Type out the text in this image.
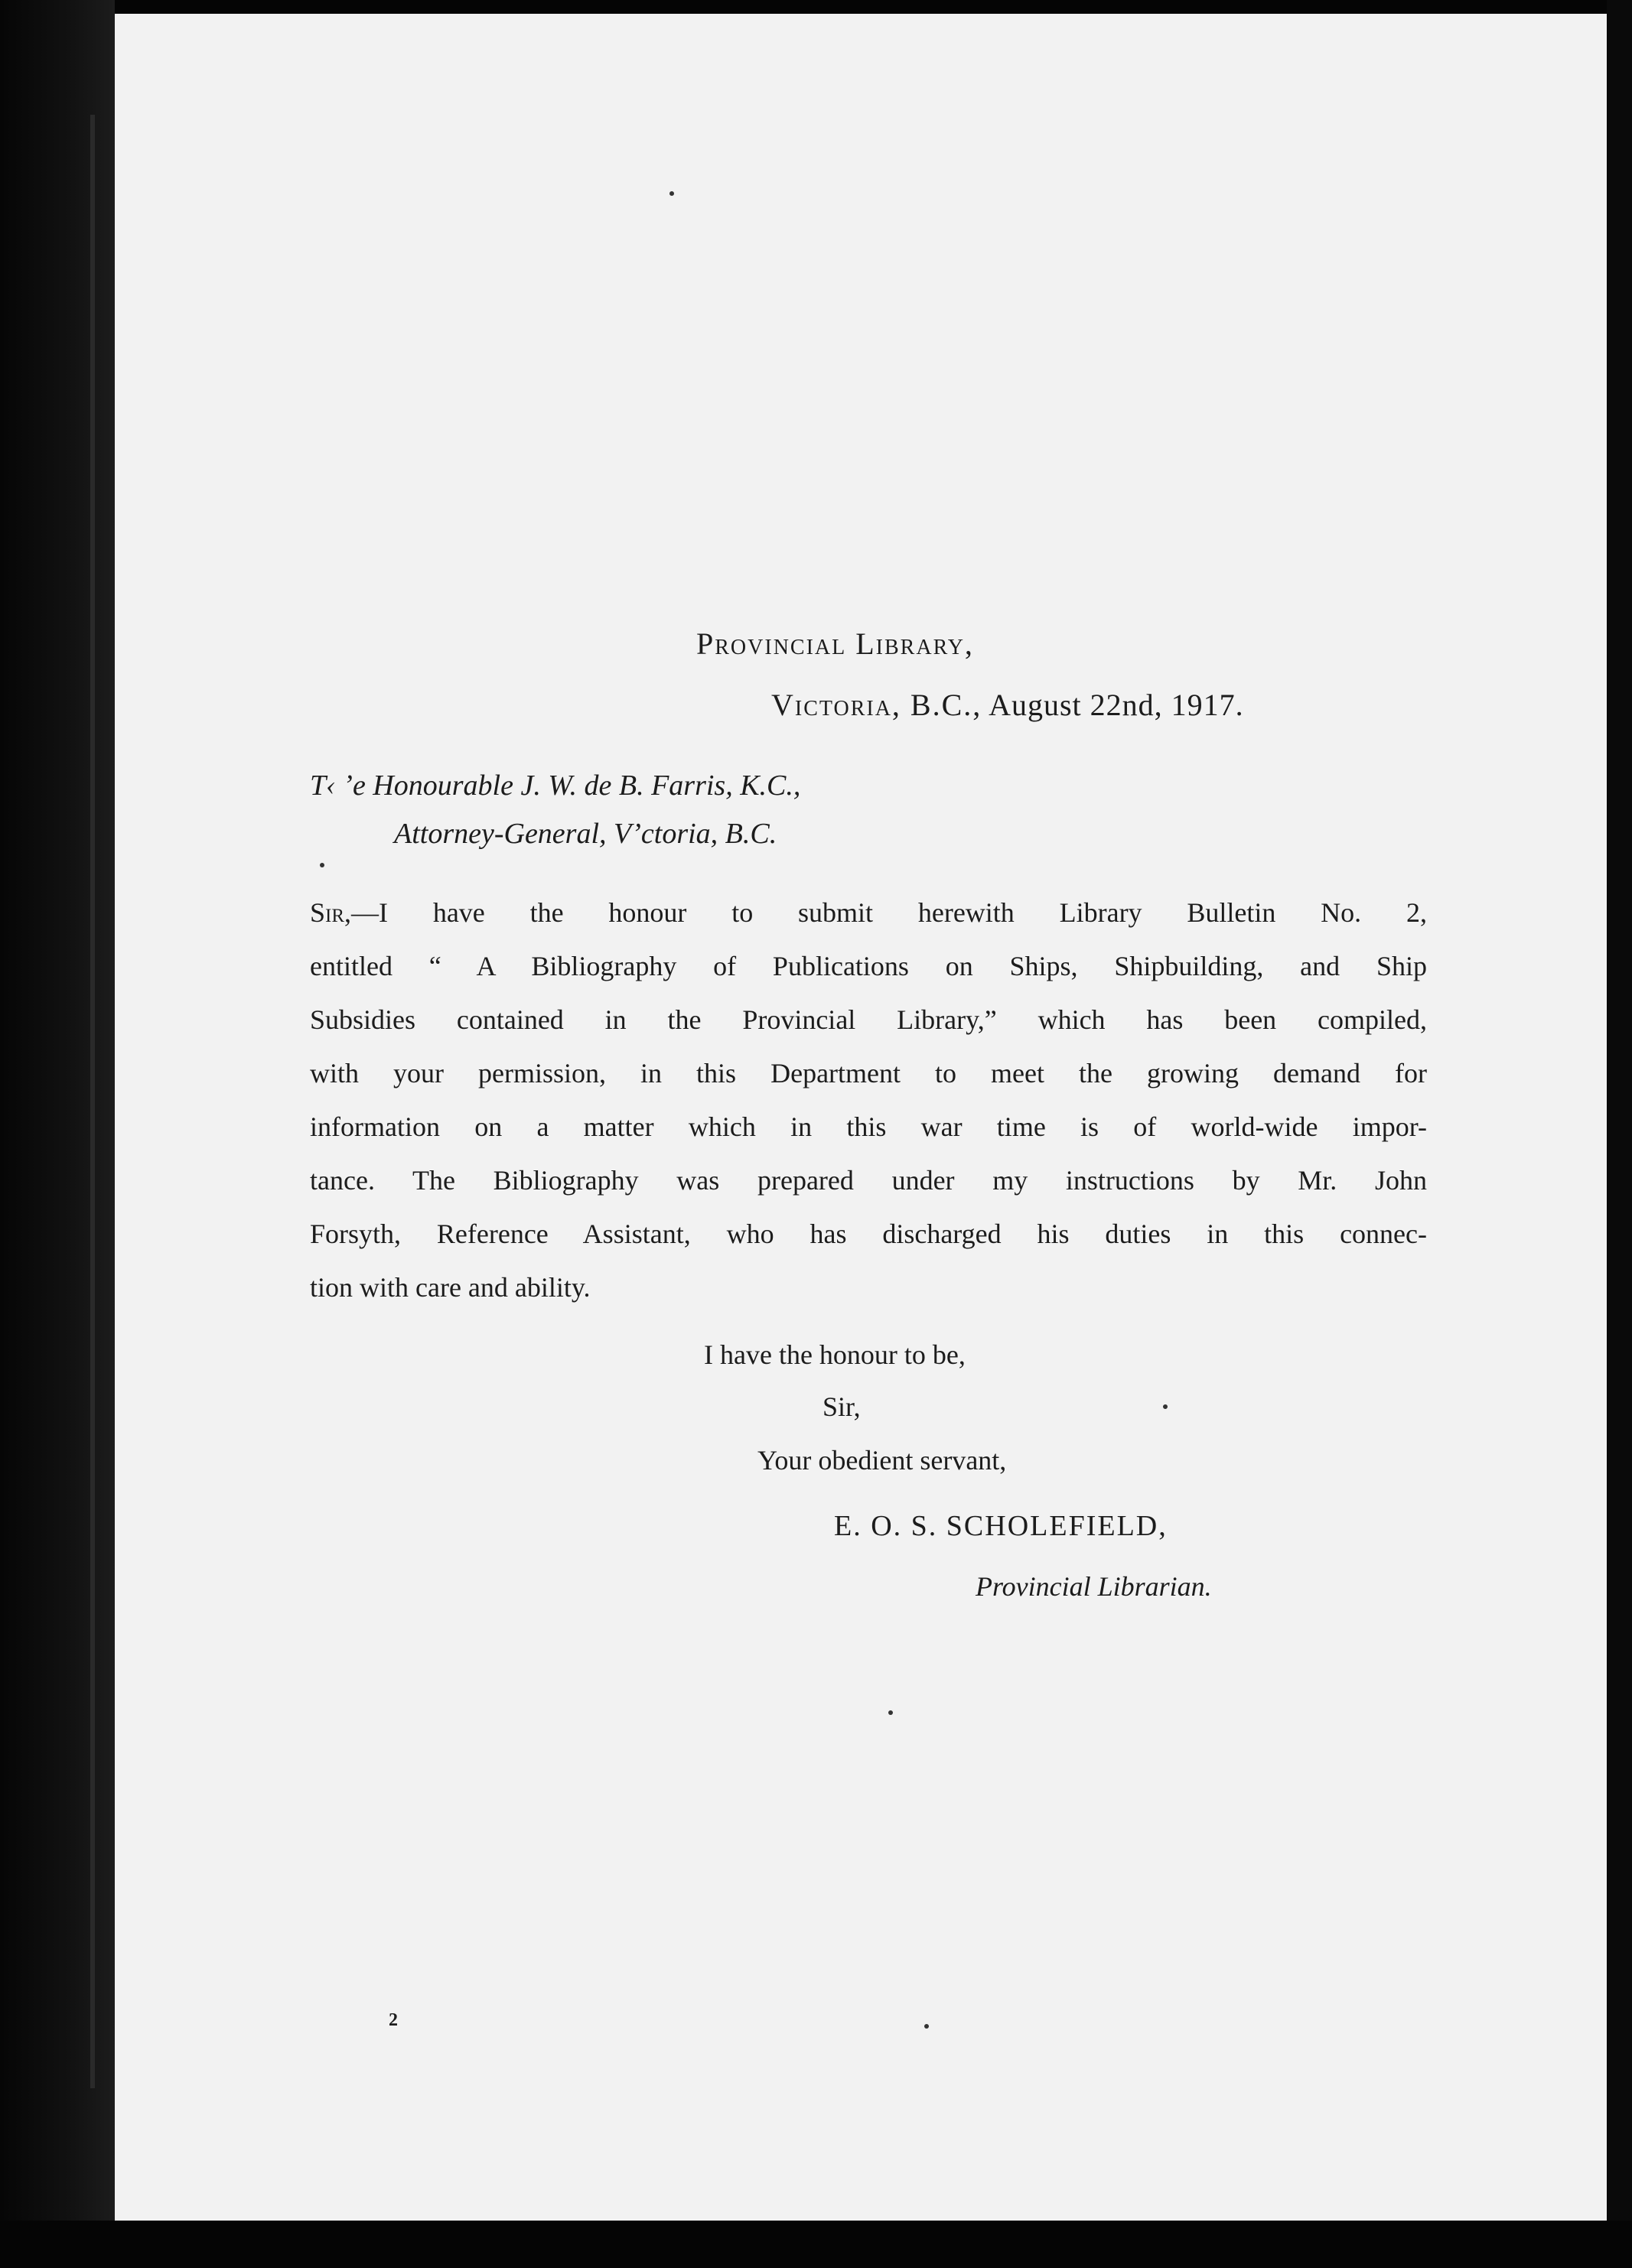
Provincial Library,
Victoria, B.C., August 22nd, 1917.
T‹ ʼe Honourable J. W. de B. Farris, K.C.,
Attorney-General, V’ctoria, B.C.
Sir,—I have the honour to submit herewith Library Bulletin No. 2,
entitled “ A Bibliography of Publications on Ships, Shipbuilding, and Ship
Subsidies contained in the Provincial Library,” which has been compiled,
with your permission, in this Department to meet the growing demand for
information on a matter which in this war time is of world-wide impor-
tance. The Bibliography was prepared under my instructions by Mr. John
Forsyth, Reference Assistant, who has discharged his duties in this connec-
tion with care and ability.
I have the honour to be,
Sir,
Your obedient servant,
E. O. S. SCHOLEFIELD,
Provincial Librarian.
2
